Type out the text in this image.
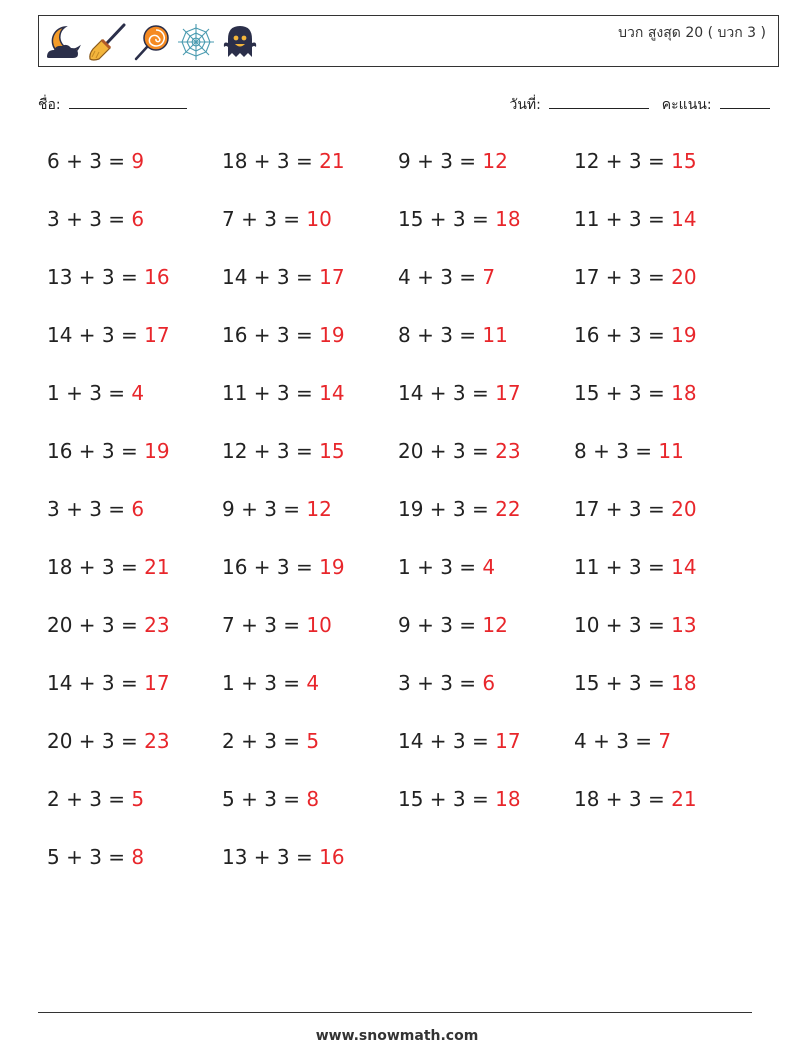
บวก สูงสุด 20 ( บวก 3 )
ชื่อ:	วันที่:	คะแนน:
6 + 3 = 9	18 + 3 = 21	9 + 3 = 12	12 + 3 = 15
3 + 3 = 6	7 + 3 = 10	15 + 3 = 18	11 + 3 = 14
13 + 3 = 16	14 + 3 = 17	4 + 3 = 7	17 + 3 = 20
14 + 3 = 17	16 + 3 = 19	8 + 3 = 11	16 + 3 = 19
1 + 3 = 4	11 + 3 = 14	14 + 3 = 17	15 + 3 = 18
16 + 3 = 19	12 + 3 = 15	20 + 3 = 23	8 + 3 = 11
3 + 3 = 6	9 + 3 = 12	19 + 3 = 22	17 + 3 = 20
18 + 3 = 21	16 + 3 = 19	1 + 3 = 4	11 + 3 = 14
20 + 3 = 23	7 + 3 = 10	9 + 3 = 12	10 + 3 = 13
14 + 3 = 17	1 + 3 = 4	3 + 3 = 6	15 + 3 = 18
20 + 3 = 23	2 + 3 = 5	14 + 3 = 17	4 + 3 = 7
2 + 3 = 5	5 + 3 = 8	15 + 3 = 18	18 + 3 = 21
5 + 3 = 8	13 + 3 = 16
www.snowmath.com
